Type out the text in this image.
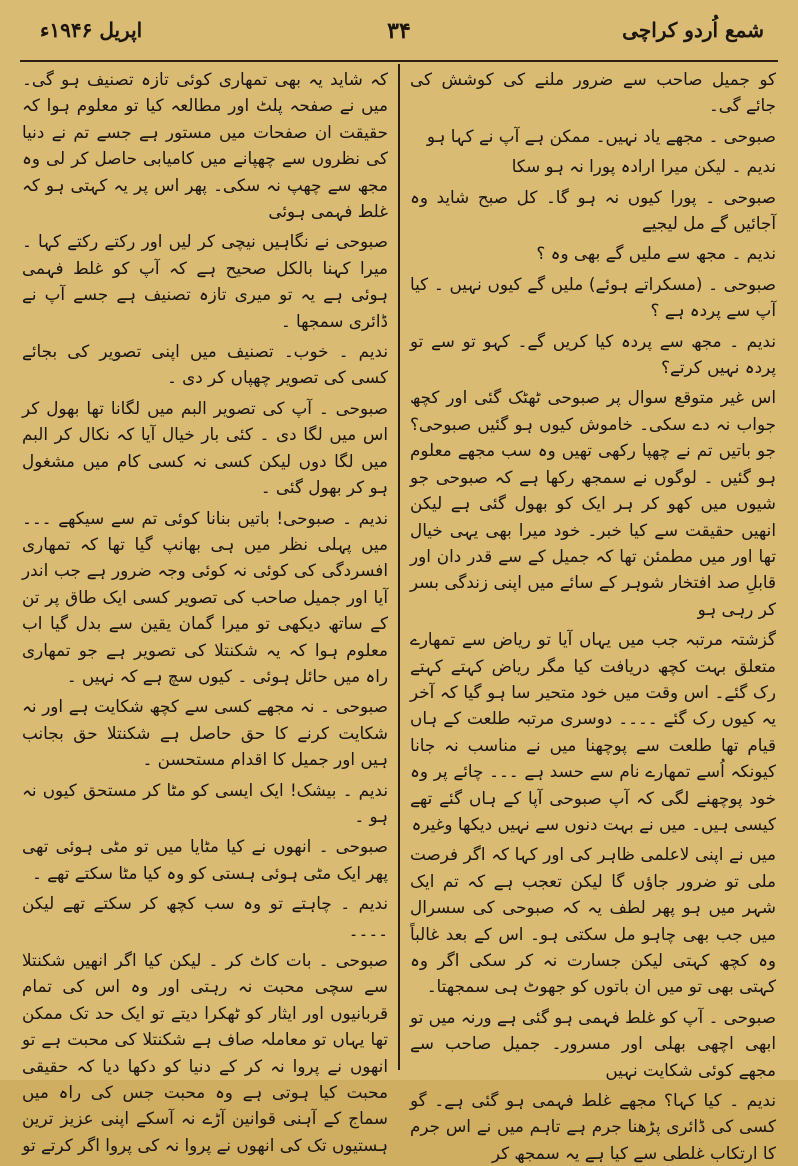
شمع اُردو کراچی
۳۴
اپریل ۱۹۴۶ء

کو جمیل صاحب سے ضرور ملنے کی کوشش کی جائے گی۔

صبوحی ۔ مجھے یاد نہیں۔ ممکن ہے آپ نے کہا ہو

ندیم ۔ لیکن میرا ارادہ پورا نہ ہو سکا

صبوحی ۔ پورا کیوں نہ ہو گا۔ کل صبح شاید وہ آجائیں گے مل لیجیے

ندیم ۔ مجھ سے ملیں گے بھی وہ ؟

صبوحی ۔ (مسکراتے ہوئے) ملیں گے کیوں نہیں ۔ کیا آپ سے پردہ ہے ؟

ندیم ۔ مجھ سے پردہ کیا کریں گے۔ کہو تو سے تو پردہ نہیں کرتے؟

اس غیر متوقع سوال پر صبوحی ٹھٹک گئی اور کچھ جواب نہ دے سکی۔ خاموش کیوں ہو گئیں صبوحی؟ جو باتیں تم نے چھپا رکھی تھیں وہ سب مجھے معلوم ہو گئیں ۔ لوگوں نے سمجھ رکھا ہے کہ صبوحی جو شیوں میں کھو کر ہر ایک کو بھول گئی ہے لیکن انھیں حقیقت سے کیا خبر۔ خود میرا بھی یہی خیال تھا اور میں مطمئن تھا کہ جمیل کے سے قدر دان اور قابلِ صد افتخار شوہر کے سائے میں اپنی زندگی بسر کر رہی ہو

گزشتہ مرتبہ جب میں یہاں آیا تو ریاض سے تمھارے متعلق بہت کچھ دریافت کیا مگر ریاض کہتے کہتے رک گئے۔ اس وقت میں خود متحیر سا ہو گیا کہ آخر یہ کیوں رک گئے ۔۔۔۔ دوسری مرتبہ طلعت کے ہاں قیام تھا طلعت سے پوچھنا میں نے مناسب نہ جانا کیونکہ اُسے تمھارے نام سے حسد ہے ۔۔۔ چائے پر وہ خود پوچھنے لگی کہ آپ صبوحی آپا کے ہاں گئے تھے کیسی ہیں۔ میں نے بہت دنوں سے نہیں دیکھا وغیرہ

میں نے اپنی لاعلمی ظاہر کی اور کہا کہ اگر فرصت ملی تو ضرور جاؤں گا لیکن تعجب ہے کہ تم ایک شہر میں ہو پھر لطف یہ کہ صبوحی کی سسرال میں جب بھی چاہو مل سکتی ہو۔ اس کے بعد غالباً وہ کچھ کہتی لیکن جسارت نہ کر سکی اگر وہ کہتی بھی تو میں ان باتوں کو جھوٹ ہی سمجھتا۔

صبوحی ۔ آپ کو غلط فہمی ہو گئی ہے ورنہ میں تو ابھی اچھی بھلی اور مسرور۔ جمیل صاحب سے مجھے کوئی شکایت نہیں

ندیم ۔ کیا کہا؟ مجھے غلط فہمی ہو گئی ہے۔ گو کسی کی ڈائری پڑھنا جرم ہے تاہم میں نے اس جرم کا ارتکاب غلطی سے کیا ہے یہ سمجھ کر

کہ شاید یہ بھی تمھاری کوئی تازہ تصنیف ہو گی۔ میں نے صفحہ پلٹ اور مطالعہ کیا تو معلوم ہوا کہ حقیقت ان صفحات میں مستور ہے جسے تم نے دنیا کی نظروں سے چھپانے میں کامیابی حاصل کر لی وہ مجھ سے چھپ نہ سکی۔ پھر اس پر یہ کہتی ہو کہ غلط فہمی ہوئی

صبوحی نے نگاہیں نیچی کر لیں اور رکتے رکتے کہا ۔ میرا کہنا بالکل صحیح ہے کہ آپ کو غلط فہمی ہوئی ہے یہ تو میری تازہ تصنیف ہے جسے آپ نے ڈائری سمجھا ۔

ندیم ۔ خوب۔ تصنیف میں اپنی تصویر کی بجائے کسی کی تصویر چھپاں کر دی ۔

صبوحی ۔ آپ کی تصویر البم میں لگانا تھا بھول کر اس میں لگا دی ۔ کئی بار خیال آیا کہ نکال کر البم میں لگا دوں لیکن کسی نہ کسی کام میں مشغول ہو کر بھول گئی ۔

ندیم ۔ صبوحی! باتیں بنانا کوئی تم سے سیکھے ۔۔۔ میں پہلی نظر میں ہی بھانپ گیا تھا کہ تمھاری افسردگی کی کوئی نہ کوئی وجہ ضرور ہے جب اندر آیا اور جمیل صاحب کی تصویر کسی ایک طاق پر تن کے ساتھ دیکھی تو میرا گمان یقین سے بدل گیا اب معلوم ہوا کہ یہ شکنتلا کی تصویر ہے جو تمھاری راہ میں حائل ہوئی ۔ کیوں سچ ہے کہ نہیں ۔

صبوحی ۔ نہ مجھے کسی سے کچھ شکایت ہے اور نہ شکایت کرنے کا حق حاصل ہے شکنتلا حق بجانب ہیں اور جمیل کا اقدام مستحسن ۔

ندیم ۔ بیشک! ایک ایسی کو مٹا کر مستحق کیوں نہ ہو ۔

صبوحی ۔ انھوں نے کیا مٹایا میں تو مٹی ہوئی تھی پھر ایک مٹی ہوئی ہستی کو وہ کیا مٹا سکتے تھے ۔

ندیم ۔ چاہتے تو وہ سب کچھ کر سکتے تھے لیکن ۔۔۔۔

صبوحی ۔ بات کاٹ کر ۔ لیکن کیا اگر انھیں شکنتلا سے سچی محبت نہ رہتی اور وہ اس کی تمام قربانیوں اور ایثار کو ٹھکرا دیتے تو ایک حد تک ممکن تھا یہاں تو معاملہ صاف ہے شکنتلا کی محبت ہے تو انھوں نے پروا نہ کر کے دنیا کو دکھا دیا کہ حقیقی محبت کیا ہوتی ہے وہ محبت جس کی راہ میں سماج کے آہنی قوانین آڑے نہ آسکے اپنی عزیز ترین ہستیوں تک کی انھوں نے پروا نہ کی پروا اگر کرتے تو
